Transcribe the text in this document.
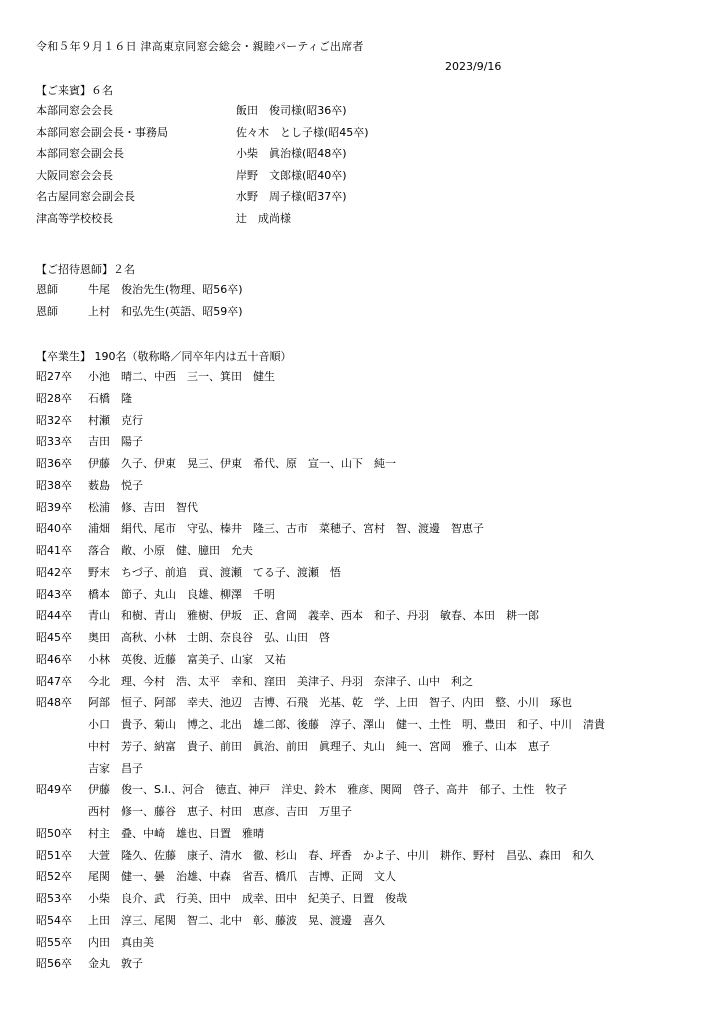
令和５年９月１６日 津高東京同窓会総会・親睦パーティご出席者
2023/9/16
【ご来賓】６名
本部同窓会会長	飯田　俊司様(昭36卒)
本部同窓会副会長・事務局	佐々木　とし子様(昭45卒)
本部同窓会副会長	小柴　眞治様(昭48卒)
大阪同窓会会長	岸野　文郎様(昭40卒)
名古屋同窓会副会長	水野　周子様(昭37卒)
津高等学校校長	辻　成尚様
【ご招待恩師】２名
恩師	牛尾　俊治先生(物理、昭56卒)
恩師	上村　和弘先生(英語、昭59卒)
【卒業生】 190名（敬称略／同卒年内は五十音順）
昭27卒 小池　晴二、中西　三一、箕田　健生
昭28卒 石橋　隆
昭32卒 村瀬　克行
昭33卒 吉田　陽子
昭36卒 伊藤　久子、伊東　晃三、伊東　希代、原　宣一、山下　純一
昭38卒 薮島　悦子
昭39卒 松浦　修、吉田　智代
昭40卒 浦畑　絹代、尾市　守弘、榛井　隆三、古市　菜穂子、宮村　智、渡邊　智恵子
昭41卒 落合　敞、小原　健、臆田　允夫
昭42卒 野末　ちづ子、前追　貢、渡瀬　てる子、渡瀬　悟
昭43卒 橋本　節子、丸山　良雄、柳澤　千明
昭44卒 青山　和樹、青山　雅樹、伊坂　正、倉岡　義幸、西本　和子、丹羽　敏春、本田　耕一郎
昭45卒 奥田　高秋、小林　士朗、奈良谷　弘、山田　啓
昭46卒 小林　英俊、近藤　富美子、山家　又祐
昭47卒 今北　理、今村　浩、太平　幸和、窪田　美津子、丹羽　奈津子、山中　利之
昭48卒 阿部　恒子、阿部　幸夫、池辺　吉博、石飛　光基、乾　学、上田　智子、内田　整、小川　琢也
小口　貴予、菊山　博之、北出　雄二郎、後藤　淳子、澤山　健一、土性　明、豊田　和子、中川　清貴
中村　芳子、納富　貴子、前田　眞治、前田　眞理子、丸山　純一、宮岡　雅子、山本　恵子
吉家　昌子
昭49卒 伊藤　俊一、S.I.、河合　徳直、神戸　洋史、鈴木　雅彦、関岡　啓子、高井　郁子、土性　牧子
西村　修一、藤谷　恵子、村田　恵彦、吉田　万里子
昭50卒 村主　叠、中崎　雄也、日置　雅晴
昭51卒 大萱　隆久、佐藤　康子、清水　徹、杉山　春、坪香　かよ子、中川　耕作、野村　昌弘、森田　和久
昭52卒 尾関　健一、曇　治雄、中森　省吾、橋爪　吉博、正岡　文人
昭53卒 小柴　良介、武　行美、田中　成幸、田中　紀美子、日置　俊哉
昭54卒 上田　淳三、尾関　智二、北中　彰、藤波　晃、渡邊　喜久
昭55卒 内田　真由美
昭56卒 金丸　敦子
